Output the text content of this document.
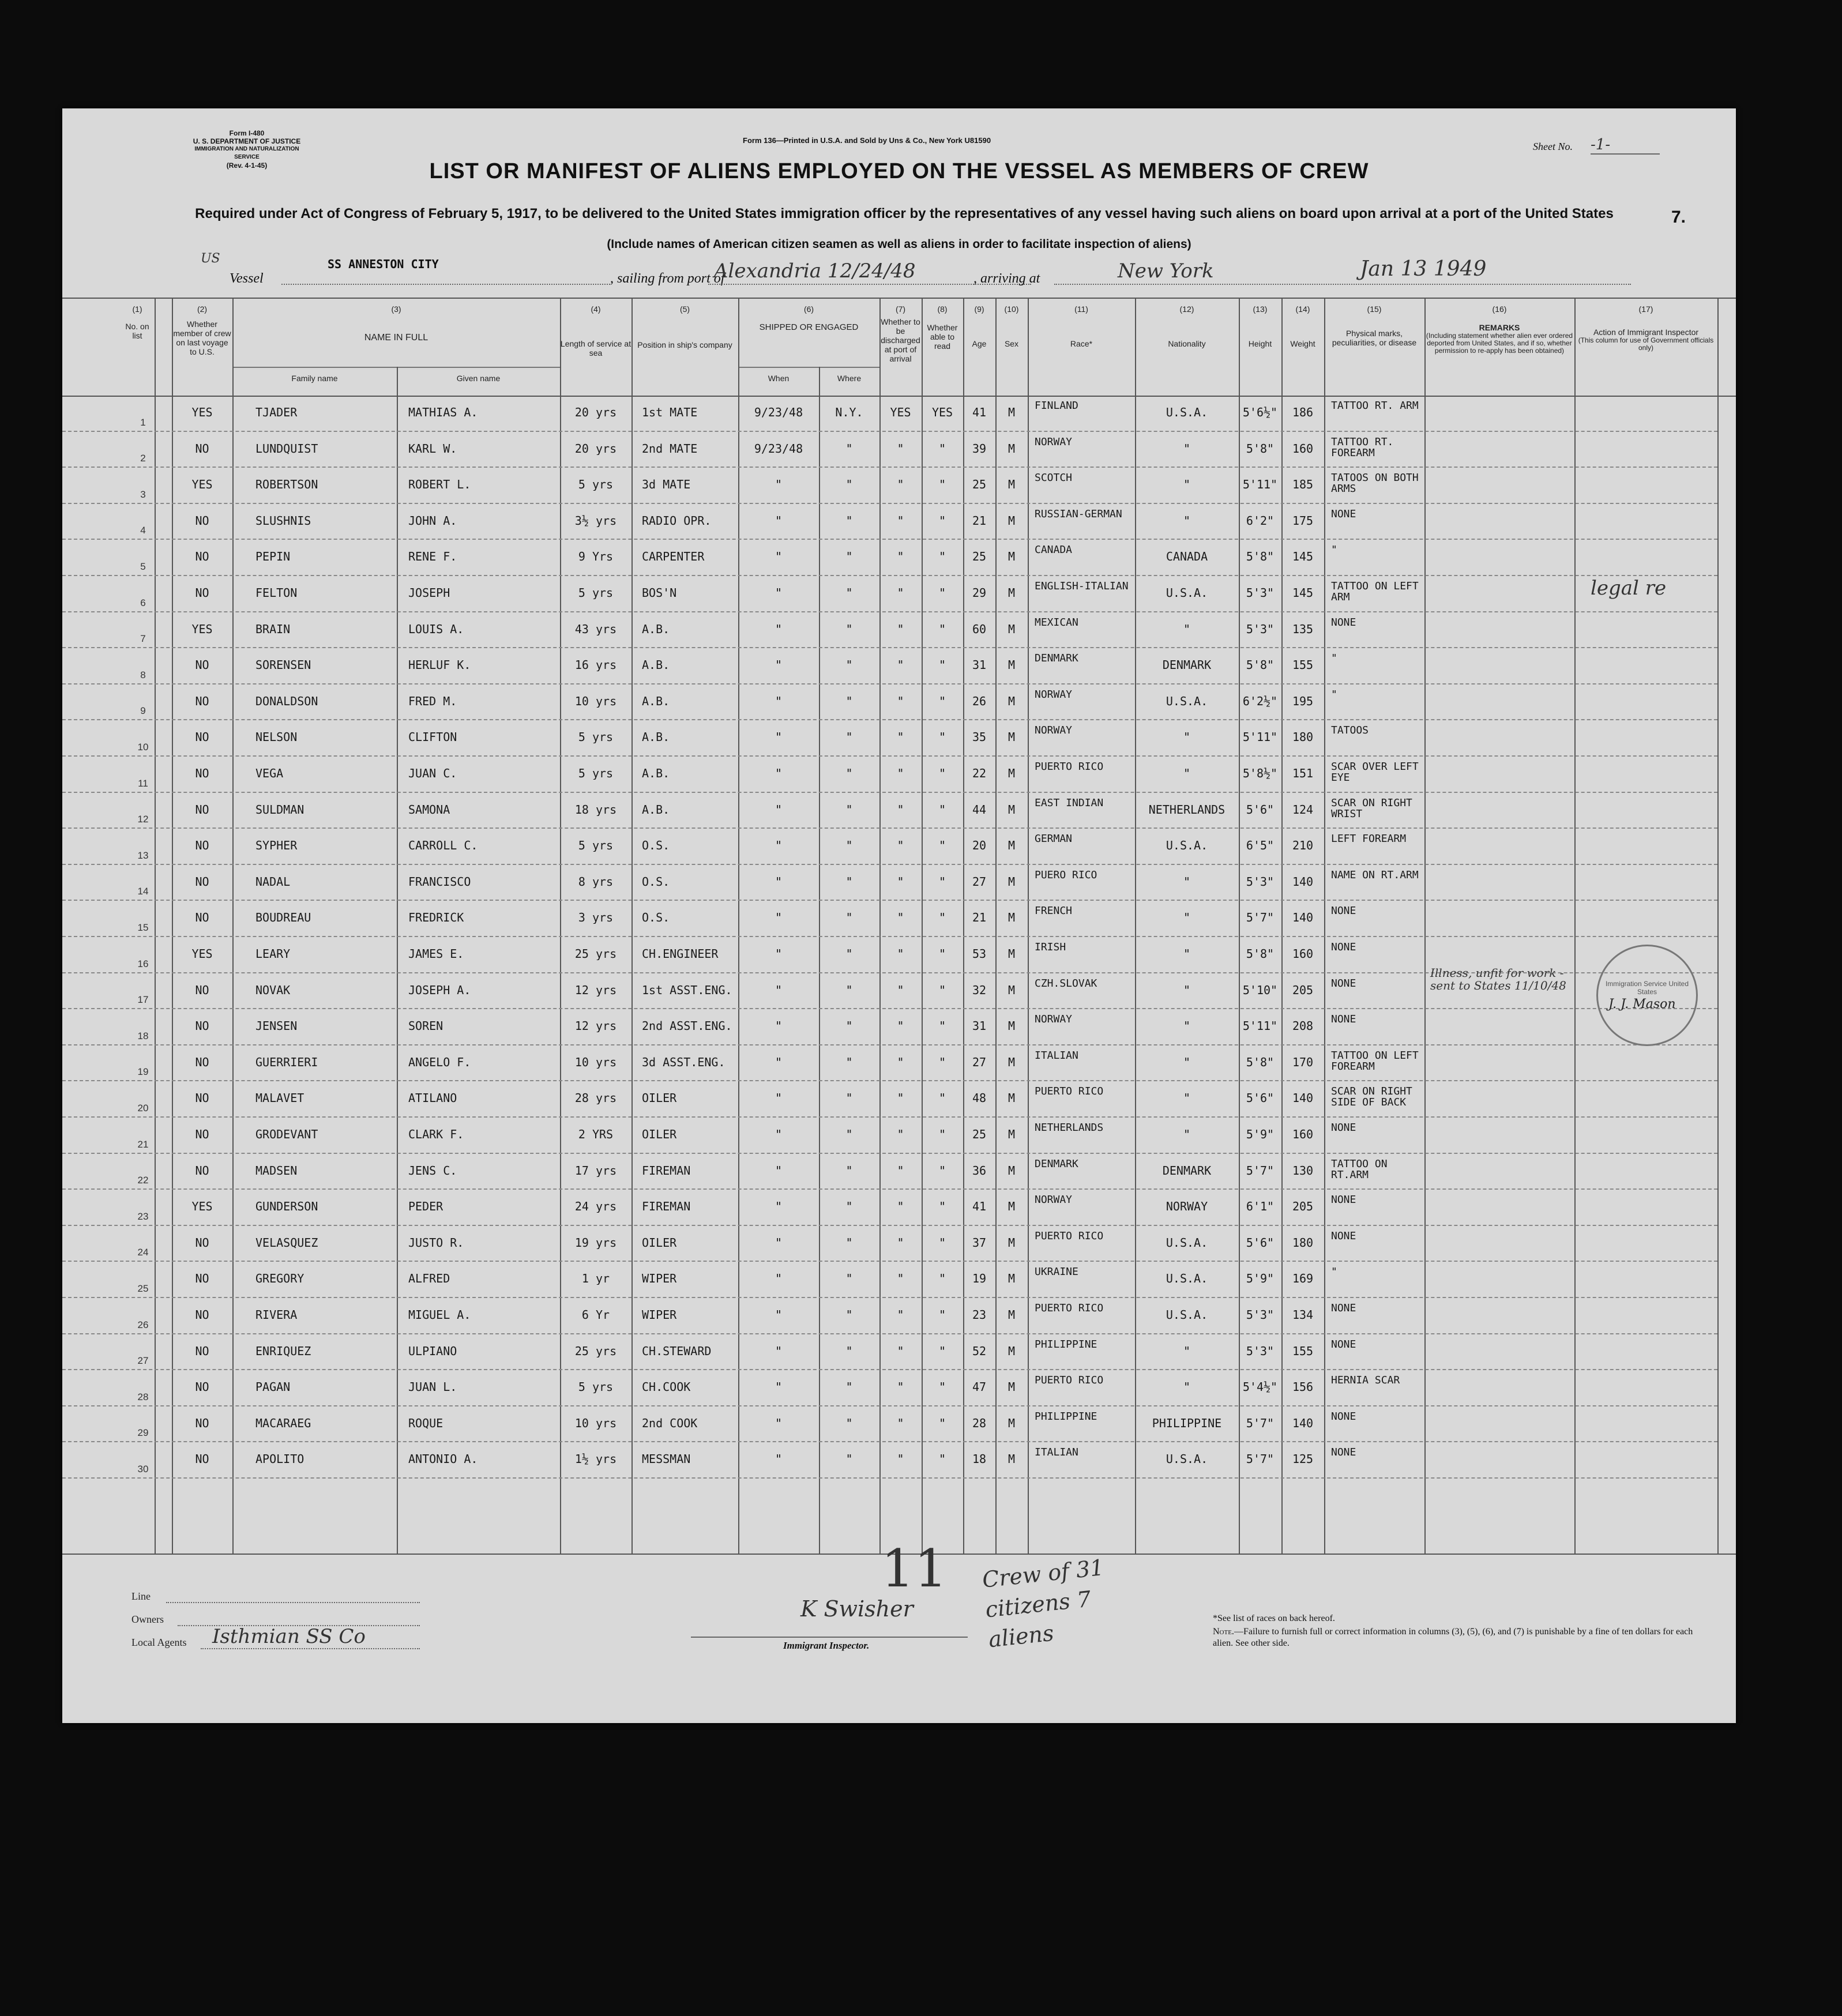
Form I-480
U. S. DEPARTMENT OF JUSTICE
IMMIGRATION AND NATURALIZATION SERVICE
(Rev. 4-1-45)
Form 136—Printed in U.S.A. and Sold by Uns & Co., New York U81590
Sheet No. -1-
LIST OR MANIFEST OF ALIENS EMPLOYED ON THE VESSEL AS MEMBERS OF CREW
Required under Act of Congress of February 5, 1917, to be delivered to the United States immigration officer by the representatives of any vessel having such aliens on board upon arrival at a port of the United States	7.
(Include names of American citizen seamen as well as aliens in order to facilitate inspection of aliens)
US
Vessel
SS ANNESTON CITY
, sailing from port of
Alexandria 12/24/48	, arriving at	New York	Jan 13 1949
(1)
No. on list
(2)
Whether member of crew on last voyage to U.S.
(3)
NAME IN FULL
Family name	Given name
(4)
Length of service at sea
(5)
Position in ship's company
(6)
SHIPPED OR ENGAGED
When	Where
(7)
Whether to be discharged at port of arrival
(8)
Whether able to read
(9)
Age
(10)
Sex
(11)
Race*
(12)
Nationality
(13)
Height
(14)
Weight
(15)
Physical marks, peculiarities, or disease
(16)
REMARKS
(Including statement whether alien ever ordered deported from United States, and if so, whether permission to re-apply has been obtained)
(17)
Action of Immigrant Inspector
(This column for use of Government officials only)
1
YES	TJADER	MATHIAS A.	20 yrs	1st MATE	9/23/48	N.Y.	YES	YES	41	M	FINLAND	U.S.A.	5'6½"	186	TATTOO RT. ARM
2
NO	LUNDQUIST	KARL W.	20 yrs	2nd MATE	9/23/48	"	"	"	39	M	NORWAY	"	5'8"	160	TATTOO RT. FOREARM
3
YES	ROBERTSON	ROBERT L.	5 yrs	3d MATE	"	"	"	"	25	M	SCOTCH	"	5'11"	185	TATOOS ON BOTH ARMS
4
NO	SLUSHNIS	JOHN A.	3½ yrs	RADIO OPR.	"	"	"	"	21	M	RUSSIAN-GERMAN	"	6'2"	175	NONE
5
NO	PEPIN	RENE F.	9 Yrs	CARPENTER	"	"	"	"	25	M	CANADA	CANADA	5'8"	145	"
6
NO	FELTON	JOSEPH	5 yrs	BOS'N	"	"	"	"	29	M	ENGLISH-ITALIAN	U.S.A.	5'3"	145	TATTOO ON LEFT ARM
7
YES	BRAIN	LOUIS A.	43 yrs	A.B.	"	"	"	"	60	M	MEXICAN	"	5'3"	135	NONE
8
NO	SORENSEN	HERLUF K.	16 yrs	A.B.	"	"	"	"	31	M	DENMARK	DENMARK	5'8"	155	"
9
NO	DONALDSON	FRED M.	10 yrs	A.B.	"	"	"	"	26	M	NORWAY	U.S.A.	6'2½"	195	"
10
NO	NELSON	CLIFTON	5 yrs	A.B.	"	"	"	"	35	M	NORWAY	"	5'11"	180	TATOOS
11
NO	VEGA	JUAN C.	5 yrs	A.B.	"	"	"	"	22	M	PUERTO RICO	"	5'8½"	151	SCAR OVER LEFT EYE
12
NO	SULDMAN	SAMONA	18 yrs	A.B.	"	"	"	"	44	M	EAST INDIAN	NETHERLANDS	5'6"	124	SCAR ON RIGHT WRIST
13
NO	SYPHER	CARROLL C.	5 yrs	O.S.	"	"	"	"	20	M	GERMAN	U.S.A.	6'5"	210	LEFT FOREARM
14
NO	NADAL	FRANCISCO	8 yrs	O.S.	"	"	"	"	27	M	PUERO RICO	"	5'3"	140	NAME ON RT.ARM
15
NO	BOUDREAU	FREDRICK	3 yrs	O.S.	"	"	"	"	21	M	FRENCH	"	5'7"	140	NONE
16
YES	LEARY	JAMES E.	25 yrs	CH.ENGINEER	"	"	"	"	53	M	IRISH	"	5'8"	160	NONE
17
NO	NOVAK	JOSEPH A.	12 yrs	1st ASST.ENG.	"	"	"	"	32	M	CZH.SLOVAK	"	5'10"	205	NONE
18
NO	JENSEN	SOREN	12 yrs	2nd ASST.ENG.	"	"	"	"	31	M	NORWAY	"	5'11"	208	NONE
19
NO	GUERRIERI	ANGELO F.	10 yrs	3d ASST.ENG.	"	"	"	"	27	M	ITALIAN	"	5'8"	170	TATTOO ON LEFT FOREARM
20
NO	MALAVET	ATILANO	28 yrs	OILER	"	"	"	"	48	M	PUERTO RICO	"	5'6"	140	SCAR ON RIGHT SIDE OF BACK
21
NO	GRODEVANT	CLARK F.	2 YRS	OILER	"	"	"	"	25	M	NETHERLANDS	"	5'9"	160	NONE
22
NO	MADSEN	JENS C.	17 yrs	FIREMAN	"	"	"	"	36	M	DENMARK	DENMARK	5'7"	130	TATTOO ON RT.ARM
23
YES	GUNDERSON	PEDER	24 yrs	FIREMAN	"	"	"	"	41	M	NORWAY	NORWAY	6'1"	205	NONE
24
NO	VELASQUEZ	JUSTO R.	19 yrs	OILER	"	"	"	"	37	M	PUERTO RICO	U.S.A.	5'6"	180	NONE
25
NO	GREGORY	ALFRED	1 yr	WIPER	"	"	"	"	19	M	UKRAINE	U.S.A.	5'9"	169	"
26
NO	RIVERA	MIGUEL A.	6 Yr	WIPER	"	"	"	"	23	M	PUERTO RICO	U.S.A.	5'3"	134	NONE
27
NO	ENRIQUEZ	ULPIANO	25 yrs	CH.STEWARD	"	"	"	"	52	M	PHILIPPINE	"	5'3"	155	NONE
28
NO	PAGAN	JUAN L.	5 yrs	CH.COOK	"	"	"	"	47	M	PUERTO RICO	"	5'4½"	156	HERNIA SCAR
29
NO	MACARAEG	ROQUE	10 yrs	2nd COOK	"	"	"	"	28	M	PHILIPPINE	PHILIPPINE	5'7"	140	NONE
30
NO	APOLITO	ANTONIO A.	1½ yrs	MESSMAN	"	"	"	"	18	M	ITALIAN	U.S.A.	5'7"	125	NONE
legal re
Illness, unfit for work - sent to States 11/10/48	Immigration Service United States
J. J. Mason
Line
Owners
Local Agents Isthmian SS Co
11
K Swisher
Immigrant Inspector.
Crew of 31 citizens 7 aliens
*See list of races on back hereof.
Note.—Failure to furnish full or correct information in columns (3), (5), (6), and (7) is punishable by a fine of ten dollars for each alien. See other side.
